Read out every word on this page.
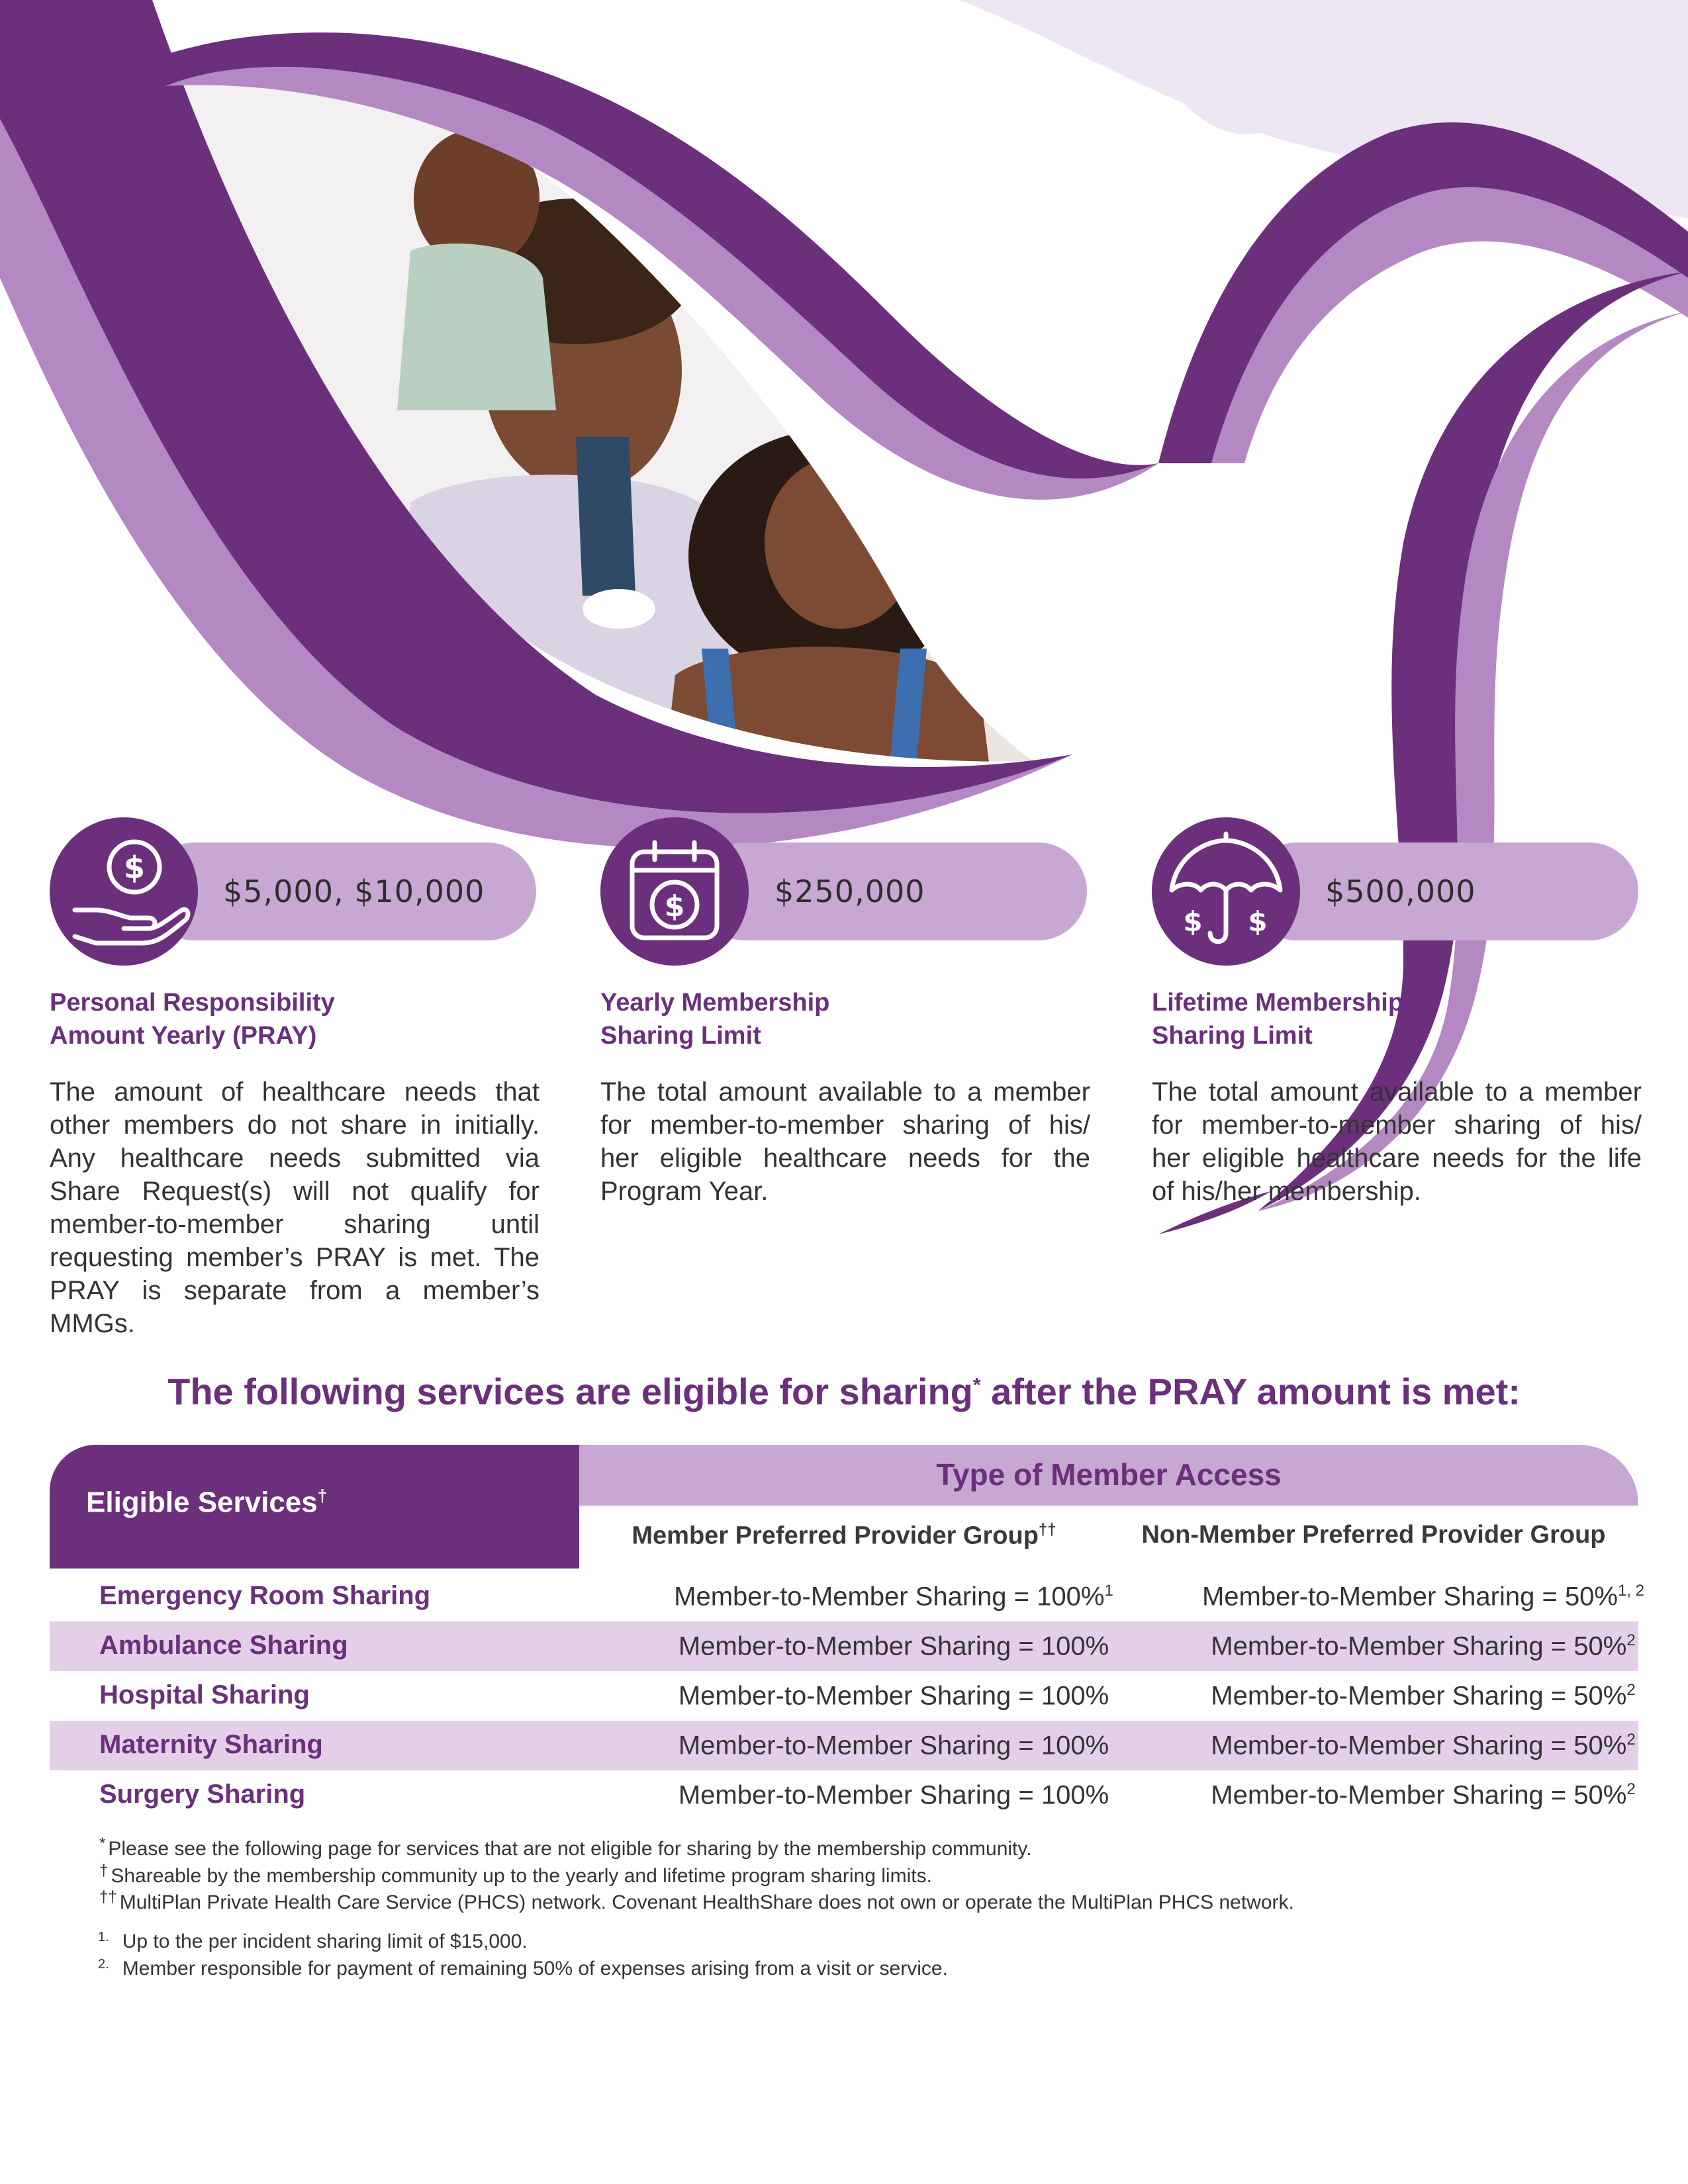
$5,000, $10,000
$
Personal Responsibility
Amount Yearly (PRAY)
The amount of healthcare needs that other members do not share in initially. Any healthcare needs submitted via Share Request(s) will not qualify for member-to-member sharing until requesting member’s PRAY is met. The PRAY is separate from a member’s MMGs.
$250,000
$
Yearly Membership
Sharing Limit
The total amount available to a member for member-to-member sharing of his/ her eligible healthcare needs for the Program Year.
$500,000
$ $
Lifetime Membership
Sharing Limit
The total amount available to a member for member-to-member sharing of his/ her eligible healthcare needs for the life of his/her membership.
The following services are eligible for sharing* after the PRAY amount is met:
Eligible Services†
Type of Member Access
Member Preferred Provider Group††	Non-Member Preferred Provider Group
Emergency Room Sharing	Member-to-Member Sharing = 100%$^1$	Member-to-Member Sharing = 50%$^{1, 2}$
Ambulance Sharing	Member-to-Member Sharing = 100%	Member-to-Member Sharing = 50%$^2$
Hospital Sharing	Member-to-Member Sharing = 100%	Member-to-Member Sharing = 50%$^2$
Maternity Sharing	Member-to-Member Sharing = 100%	Member-to-Member Sharing = 50%$^2$
Surgery Sharing	Member-to-Member Sharing = 100%	Member-to-Member Sharing = 50%$^2$
* Please see the following page for services that are not eligible for sharing by the membership community.
† Shareable by the membership community up to the yearly and lifetime program sharing limits.
†† MultiPlan Private Health Care Service (PHCS) network. Covenant HealthShare does not own or operate the MultiPlan PHCS network.
$^{1.}$ Up to the per incident sharing limit of $15,000.
$^{2.}$ Member responsible for payment of remaining 50% of expenses arising from a visit or service.
